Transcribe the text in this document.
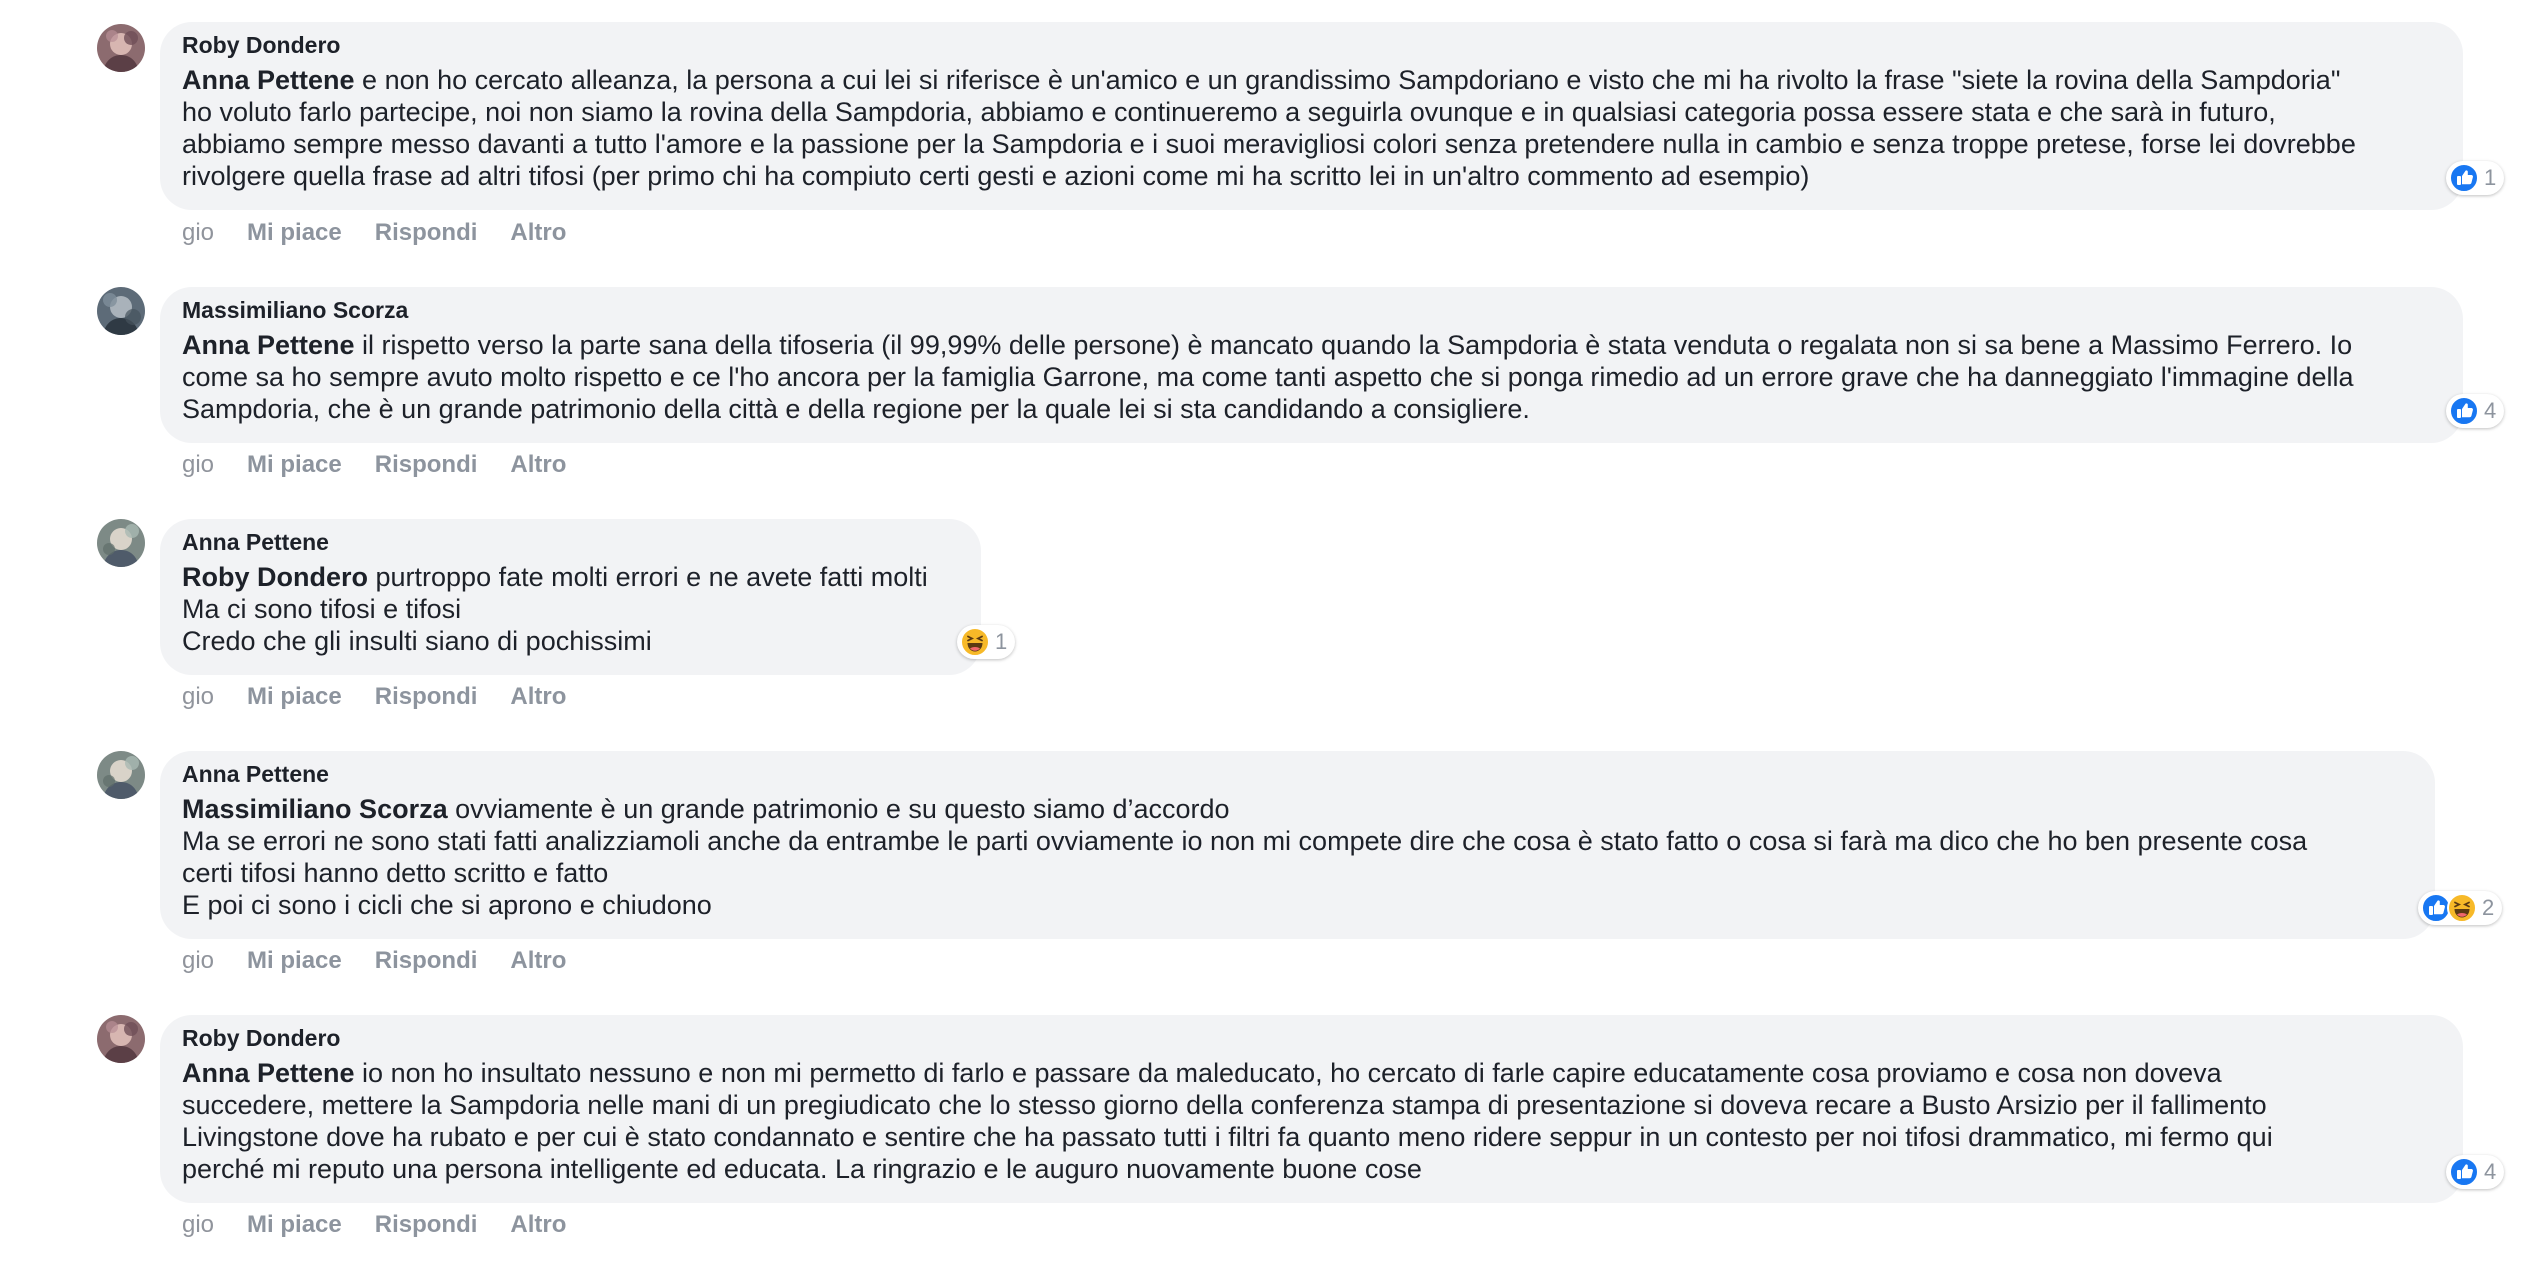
Roby Dondero

Anna Pettene e non ho cercato alleanza, la persona a cui lei si riferisce è un'amico e un grandissimo Sampdoriano e visto che mi ha rivolto la frase "siete la rovina della Sampdoria"

ho voluto farlo partecipe, noi non siamo la rovina della Sampdoria, abbiamo e continueremo a seguirla ovunque e in qualsiasi categoria possa essere stata e che sarà in futuro,

abbiamo sempre messo davanti a tutto l'amore e la passione per la Sampdoria e i suoi meravigliosi colori senza pretendere nulla in cambio e senza troppe pretese, forse lei dovrebbe

rivolgere quella frase ad altri tifosi (per primo chi ha compiuto certi gesti e azioni come mi ha scritto lei in un'altro commento ad esempio)	1
gio Mi piace Rispondi Altro
Massimiliano Scorza

Anna Pettene il rispetto verso la parte sana della tifoseria (il 99,99% delle persone) è mancato quando la Sampdoria è stata venduta o regalata non si sa bene a Massimo Ferrero. Io

come sa ho sempre avuto molto rispetto e ce l'ho ancora per la famiglia Garrone, ma come tanti aspetto che si ponga rimedio ad un errore grave che ha danneggiato l'immagine della

Sampdoria, che è un grande patrimonio della città e della regione per la quale lei si sta candidando a consigliere.	4
gio Mi piace Rispondi Altro
Anna Pettene

Roby Dondero purtroppo fate molti errori e ne avete fatti molti

Ma ci sono tifosi e tifosi

Credo che gli insulti siano di pochissimi	1
gio Mi piace Rispondi Altro
Anna Pettene

Massimiliano Scorza ovviamente è un grande patrimonio e su questo siamo d’accordo

Ma se errori ne sono stati fatti analizziamoli anche da entrambe le parti ovviamente io non mi compete dire che cosa è stato fatto o cosa si farà ma dico che ho ben presente cosa

certi tifosi hanno detto scritto e fatto

E poi ci sono i cicli che si aprono e chiudono	2
gio Mi piace Rispondi Altro
Roby Dondero

Anna Pettene io non ho insultato nessuno e non mi permetto di farlo e passare da maleducato, ho cercato di farle capire educatamente cosa proviamo e cosa non doveva

succedere, mettere la Sampdoria nelle mani di un pregiudicato che lo stesso giorno della conferenza stampa di presentazione si doveva recare a Busto Arsizio per il fallimento

Livingstone dove ha rubato e per cui è stato condannato e sentire che ha passato tutti i filtri fa quanto meno ridere seppur in un contesto per noi tifosi drammatico, mi fermo qui

perché mi reputo una persona intelligente ed educata. La ringrazio e le auguro nuovamente buone cose	4
gio Mi piace Rispondi Altro
